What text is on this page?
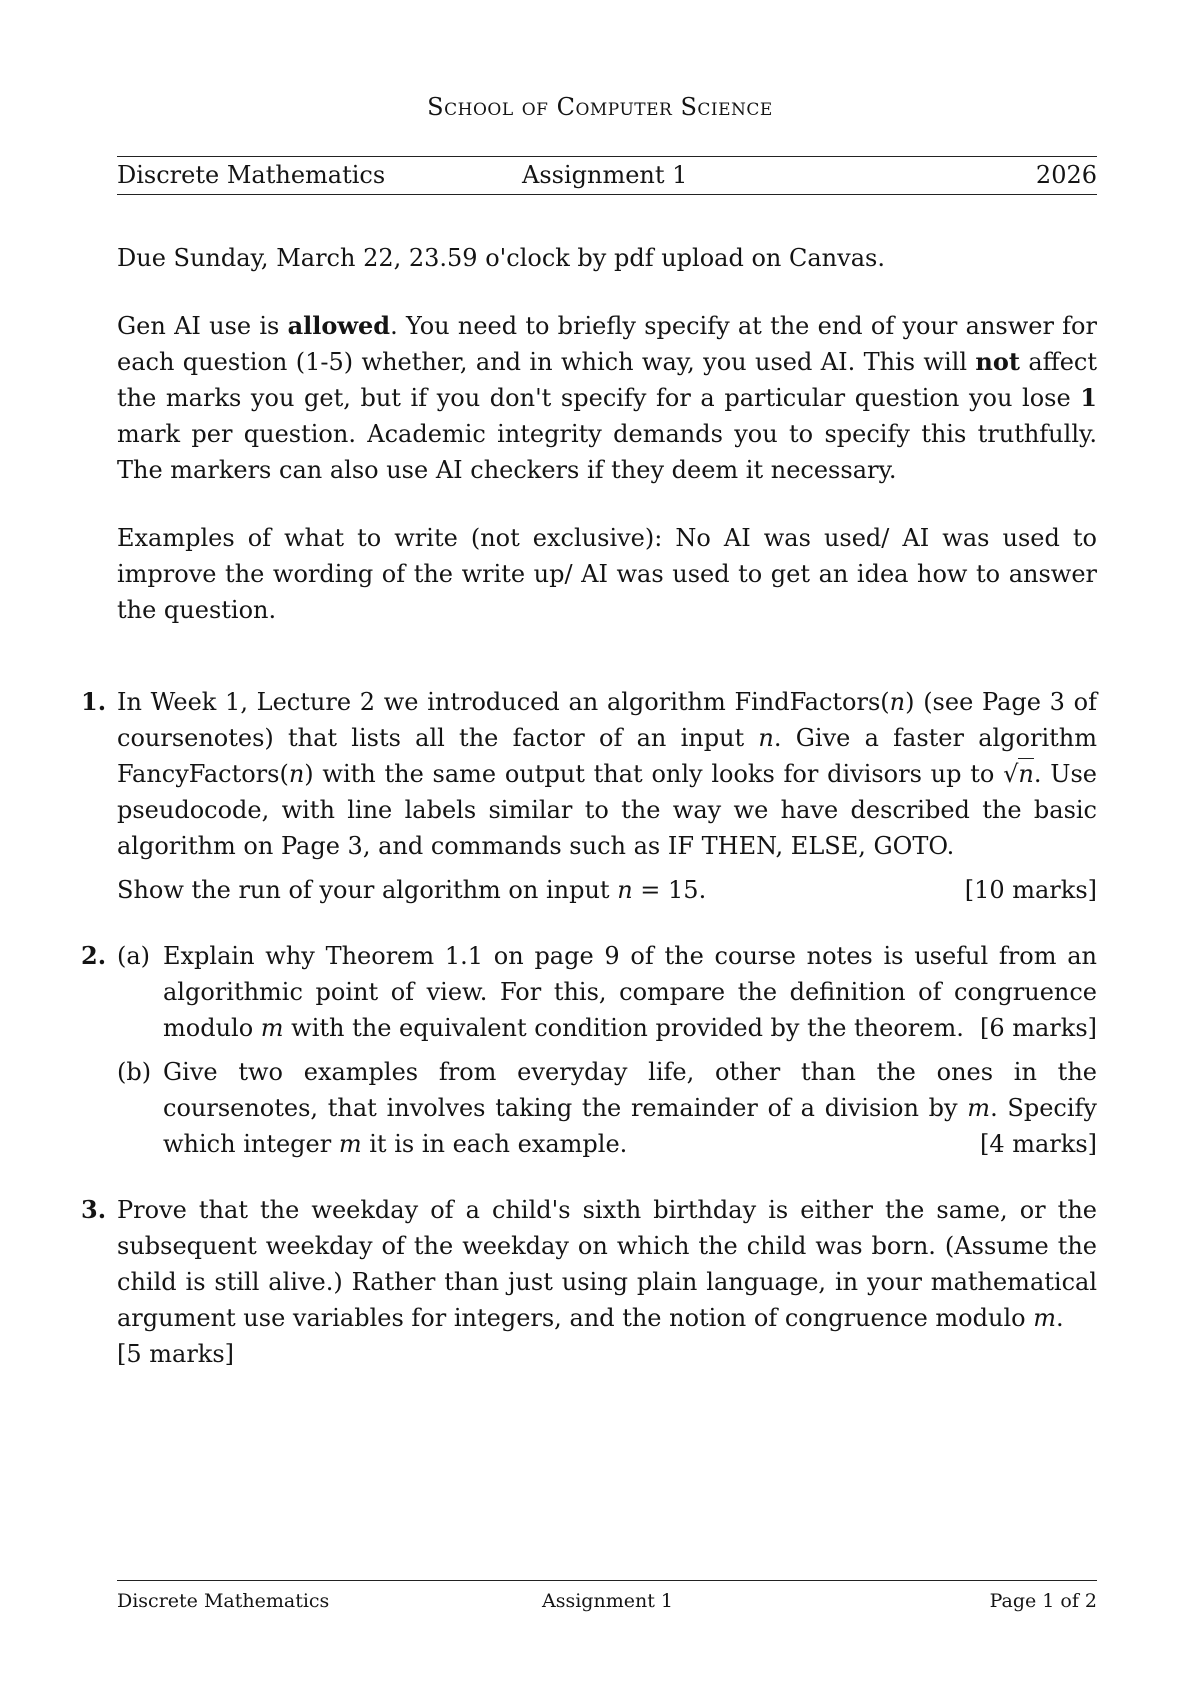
School of Computer Science
Discrete Mathematics	Assignment 1	2026

Due Sunday, March 22, 23.59 o'clock by pdf upload on Canvas.

Gen AI use is allowed. You need to briefly specify at the end of your answer for each question (1-5) whether, and in which way, you used AI. This will not affect the marks you get, but if you don't specify for a particular question you lose 1 mark per question. Academic integrity demands you to specify this truthfully. The markers can also use AI checkers if they deem it necessary.

Examples of what to write (not exclusive): No AI was used/ AI was used to improve the wording of the write up/ AI was used to get an idea how to answer the question.

1. In Week 1, Lecture 2 we introduced an algorithm FindFactors(n) (see Page 3 of coursenotes) that lists all the factor of an input n. Give a faster algorithm FancyFactors(n) with the same output that only looks for divisors up to √n. Use pseudocode, with line labels similar to the way we have described the basic algorithm on Page 3, and commands such as IF THEN, ELSE, GOTO.

Show the run of your algorithm on input n = 15.	[10 marks]

2. (a) Explain why Theorem 1.1 on page 9 of the course notes is useful from an algorithmic point of view. For this, compare the definition of congruence modulo m with the equivalent condition provided by the theorem. [6 marks]

(b) Give two examples from everyday life, other than the ones in the coursenotes, that involves taking the remainder of a division by m. Specify which integer m it is in each example.	[4 marks]

3. Prove that the weekday of a child's sixth birthday is either the same, or the subsequent weekday of the weekday on which the child was born. (Assume the child is still alive.) Rather than just using plain language, in your mathematical argument use variables for integers, and the notion of congruence modulo m.
[5 marks]

Discrete Mathematics	Assignment 1	Page 1 of 2
